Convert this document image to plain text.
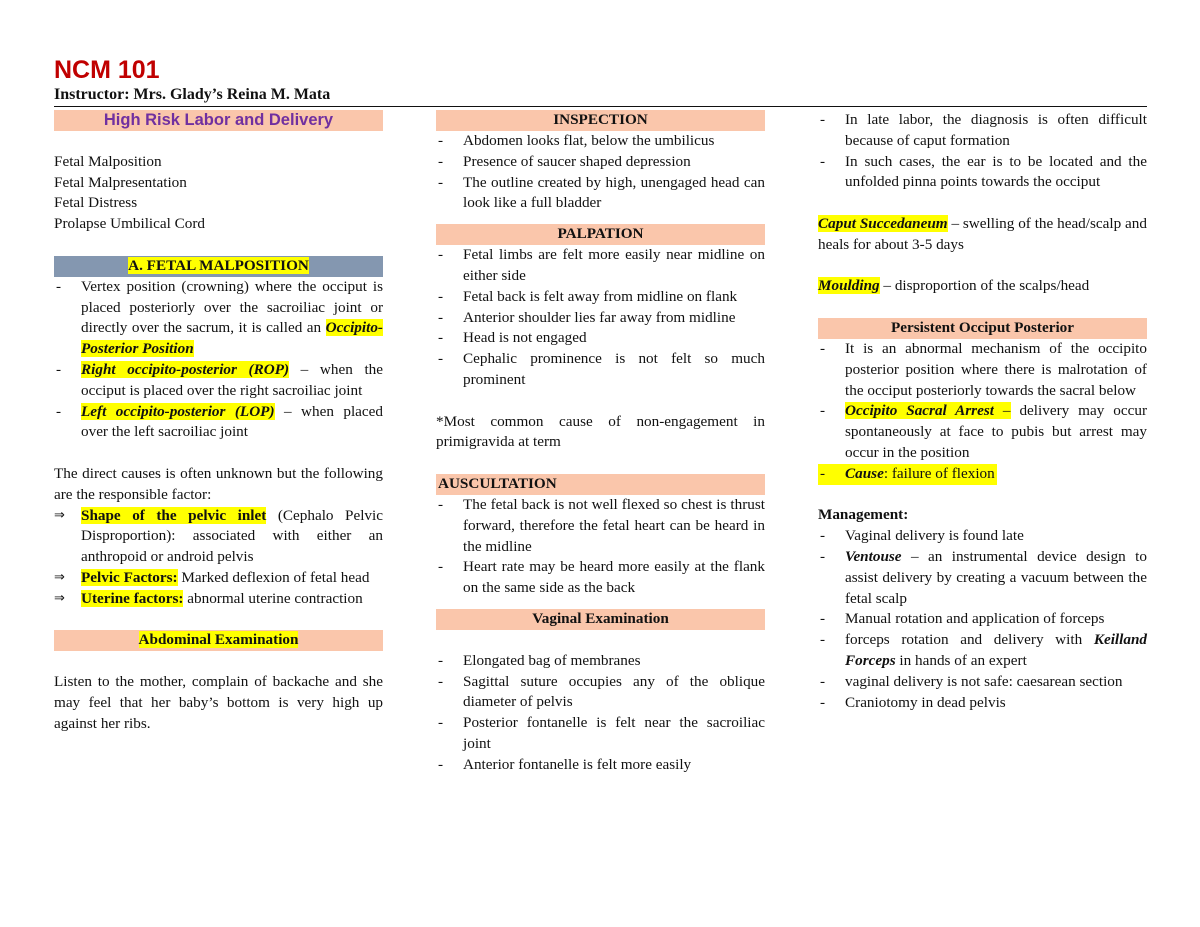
NCM 101
Instructor: Mrs. Glady’s Reina M. Mata
High Risk Labor and Delivery
Fetal Malposition
Fetal Malpresentation
Fetal Distress
Prolapse Umbilical Cord
A. FETAL MALPOSITION
- Vertex position (crowning) where the occiput is placed posteriorly over the sacroiliac joint or directly over the sacrum, it is called an Occipito-Posterior Position
- Right occipito-posterior (ROP) – when the occiput is placed over the right sacroiliac joint
- Left occipito-posterior (LOP) – when placed over the left sacroiliac joint
The direct causes is often unknown but the following are the responsible factor:
⇒ Shape of the pelvic inlet (Cephalo Pelvic Disproportion): associated with either an anthropoid or android pelvis
⇒ Pelvic Factors: Marked deflexion of fetal head
⇒ Uterine factors: abnormal uterine contraction
Abdominal Examination
Listen to the mother, complain of backache and she may feel that her baby’s bottom is very high up against her ribs.
INSPECTION
- Abdomen looks flat, below the umbilicus
- Presence of saucer shaped depression
- The outline created by high, unengaged head can look like a full bladder
PALPATION
- Fetal limbs are felt more easily near midline on either side
- Fetal back is felt away from midline on flank
- Anterior shoulder lies far away from midline
- Head is not engaged
- Cephalic prominence is not felt so much prominent
*Most common cause of non-engagement in primigravida at term
AUSCULTATION
- The fetal back is not well flexed so chest is thrust forward, therefore the fetal heart can be heard in the midline
- Heart rate may be heard more easily at the flank on the same side as the back
Vaginal Examination
- Elongated bag of membranes
- Sagittal suture occupies any of the oblique diameter of pelvis
- Posterior fontanelle is felt near the sacroiliac joint
- Anterior fontanelle is felt more easily
- In late labor, the diagnosis is often difficult because of caput formation
- In such cases, the ear is to be located and the unfolded pinna points towards the occiput
Caput Succedaneum – swelling of the head/scalp and heals for about 3-5 days
Moulding – disproportion of the scalps/head
Persistent Occiput Posterior
- It is an abnormal mechanism of the occipito posterior position where there is malrotation of the occiput posteriorly towards the sacral below
- Occipito Sacral Arrest – delivery may occur spontaneously at face to pubis but arrest may occur in the position
- Cause: failure of flexion
Management:
- Vaginal delivery is found late
- Ventouse – an instrumental device design to assist delivery by creating a vacuum between the fetal scalp
- Manual rotation and application of forceps
- forceps rotation and delivery with Keilland Forceps in hands of an expert
- vaginal delivery is not safe: caesarean section
- Craniotomy in dead pelvis
